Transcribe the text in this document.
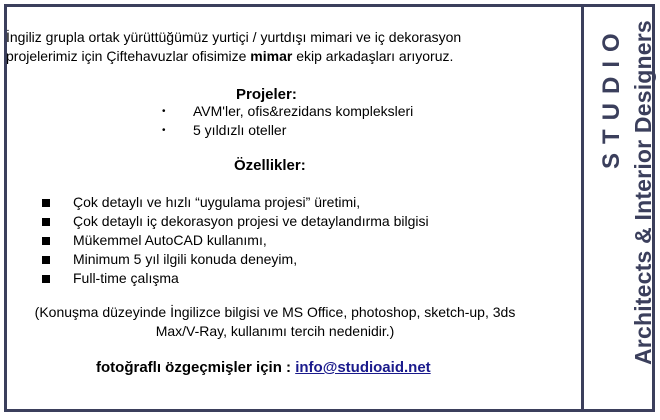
STUDIO Architects & Interior Designers
İngiliz grupla ortak yürüttüğümüz yurtiçi / yurtdışı mimari ve iç dekorasyon
projelerimiz için Çiftehavuzlar ofisimize mimar ekip arkadaşları arıyoruz.
Projeler:
• AVM'ler, ofis&rezidans kompleksleri
• 5 yıldızlı oteller
Özellikler:
Çok detaylı ve hızlı “uygulama projesi” üretimi,
Çok detaylı iç dekorasyon projesi ve detaylandırma bilgisi
Mükemmel AutoCAD kullanımı,
Minimum 5 yıl ilgili konuda deneyim,
Full-time çalışma
(Konuşma düzeyinde İngilizce bilgisi ve MS Office, photoshop, sketch-up, 3ds
Max/V-Ray, kullanımı tercih nedenidir.)
fotoğraflı özgeçmişler için : info@studioaid.net
